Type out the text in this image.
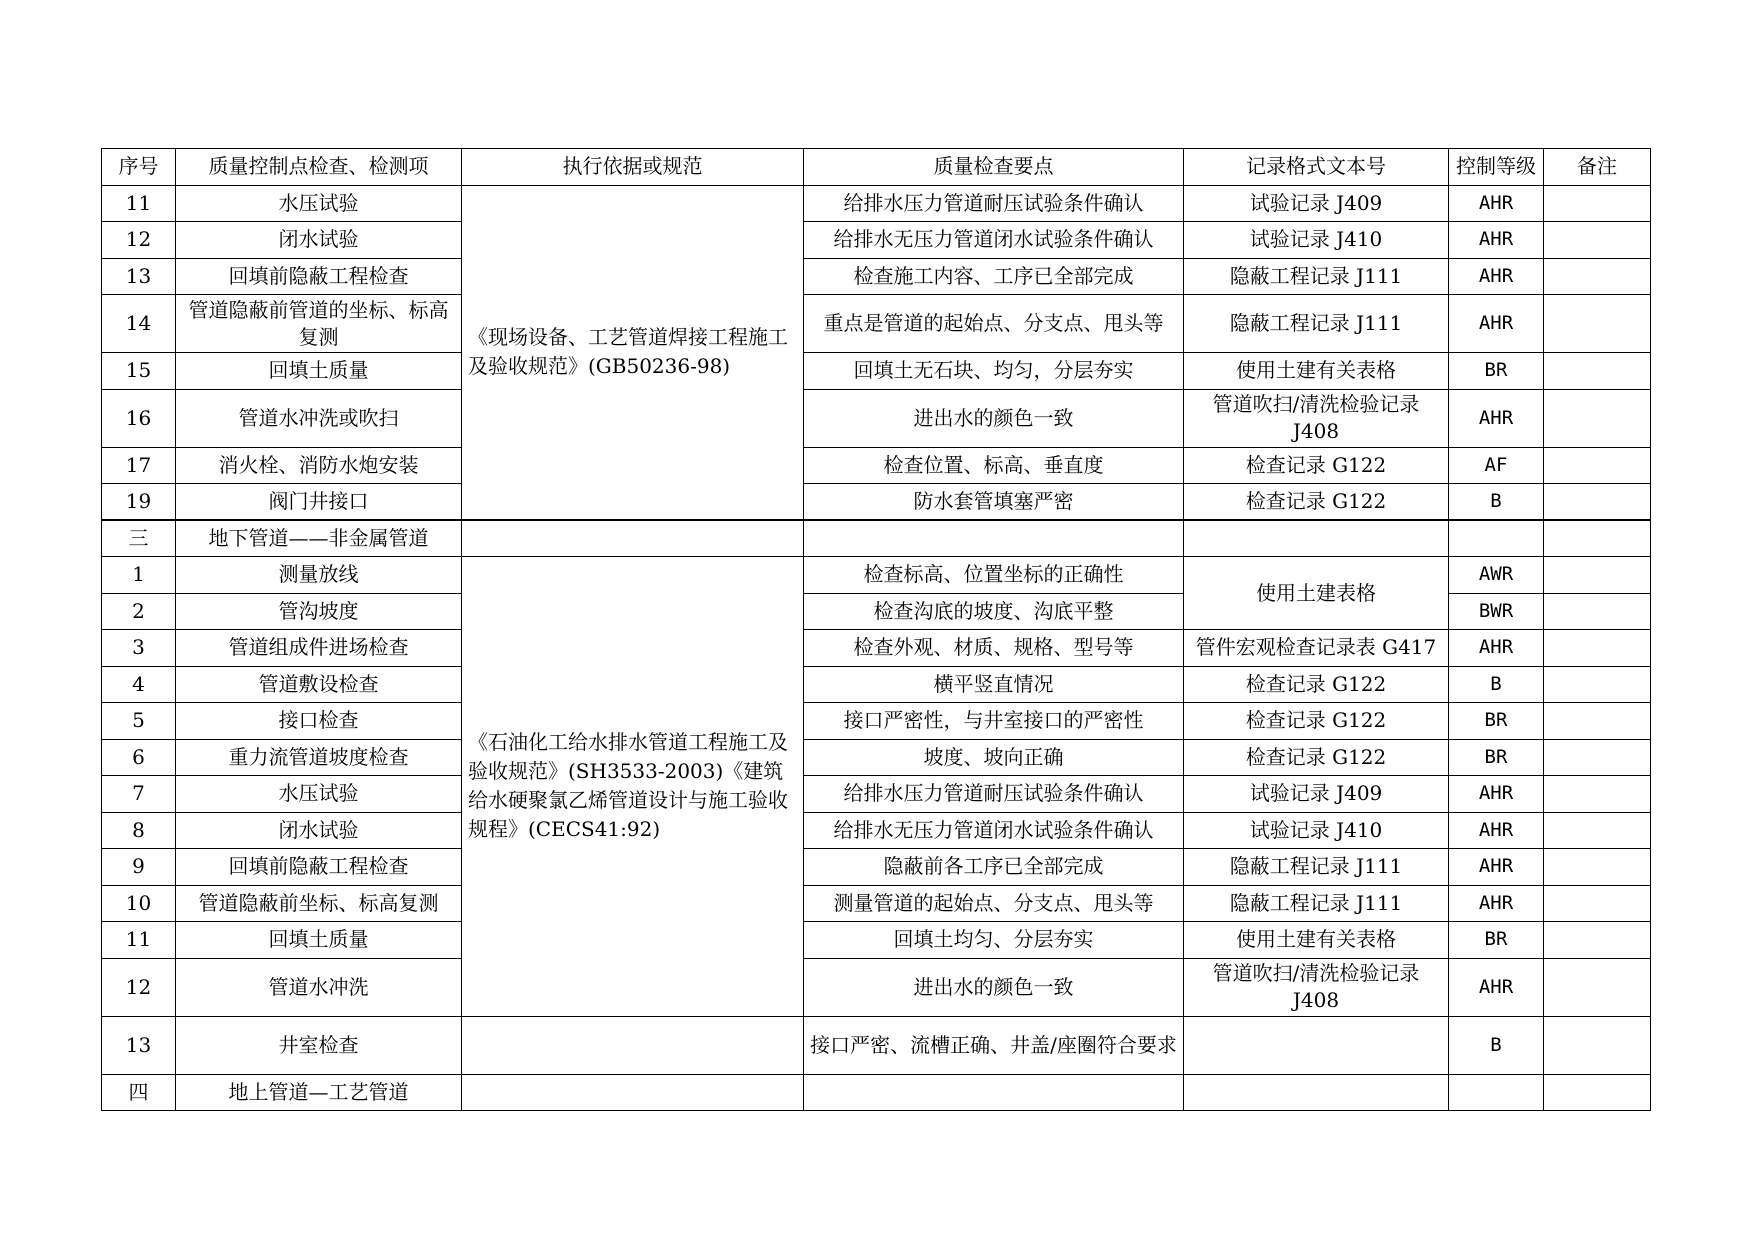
序号	质量控制点检查、检测项	执行依据或规范	质量检查要点	记录格式文本号	控制等级	备注
11	水压试验	《现场设备、工艺管道焊接工程施工及验收规范》(GB50236-98)	给排水压力管道耐压试验条件确认	试验记录 J409	AHR	
12	闭水试验		给排水无压力管道闭水试验条件确认	试验记录 J410	AHR	
13	回填前隐蔽工程检查		检查施工内容、工序已全部完成	隐蔽工程记录 J111	AHR	
14	管道隐蔽前管道的坐标、标高复测		重点是管道的起始点、分支点、甩头等	隐蔽工程记录 J111	AHR	
15	回填土质量		回填土无石块、均匀，分层夯实	使用土建有关表格	BR	
16	管道水冲洗或吹扫		进出水的颜色一致	管道吹扫/清洗检验记录 J408	AHR	
17	消火栓、消防水炮安装		检查位置、标高、垂直度	检查记录 G122	AF	
19	阀门井接口		防水套管填塞严密	检查记录 G122	B	
三	地下管道——非金属管道					
1	测量放线	《石油化工给水排水管道工程施工及验收规范》(SH3533-2003)《建筑给水硬聚氯乙烯管道设计与施工验收规程》(CECS41:92)	检查标高、位置坐标的正确性	使用土建表格	AWR	
2	管沟坡度		检查沟底的坡度、沟底平整		BWR	
3	管道组成件进场检查		检查外观、材质、规格、型号等	管件宏观检查记录表 G417	AHR	
4	管道敷设检查		横平竖直情况	检查记录 G122	B	
5	接口检查		接口严密性，与井室接口的严密性	检查记录 G122	BR	
6	重力流管道坡度检查		坡度、坡向正确	检查记录 G122	BR	
7	水压试验		给排水压力管道耐压试验条件确认	试验记录 J409	AHR	
8	闭水试验		给排水无压力管道闭水试验条件确认	试验记录 J410	AHR	
9	回填前隐蔽工程检查		隐蔽前各工序已全部完成	隐蔽工程记录 J111	AHR	
10	管道隐蔽前坐标、标高复测		测量管道的起始点、分支点、甩头等	隐蔽工程记录 J111	AHR	
11	回填土质量		回填土均匀、分层夯实	使用土建有关表格	BR	
12	管道水冲洗		进出水的颜色一致	管道吹扫/清洗检验记录 J408	AHR	
13	井室检查		接口严密、流槽正确、井盖/座圈符合要求		B	
四	地上管道—工艺管道					
